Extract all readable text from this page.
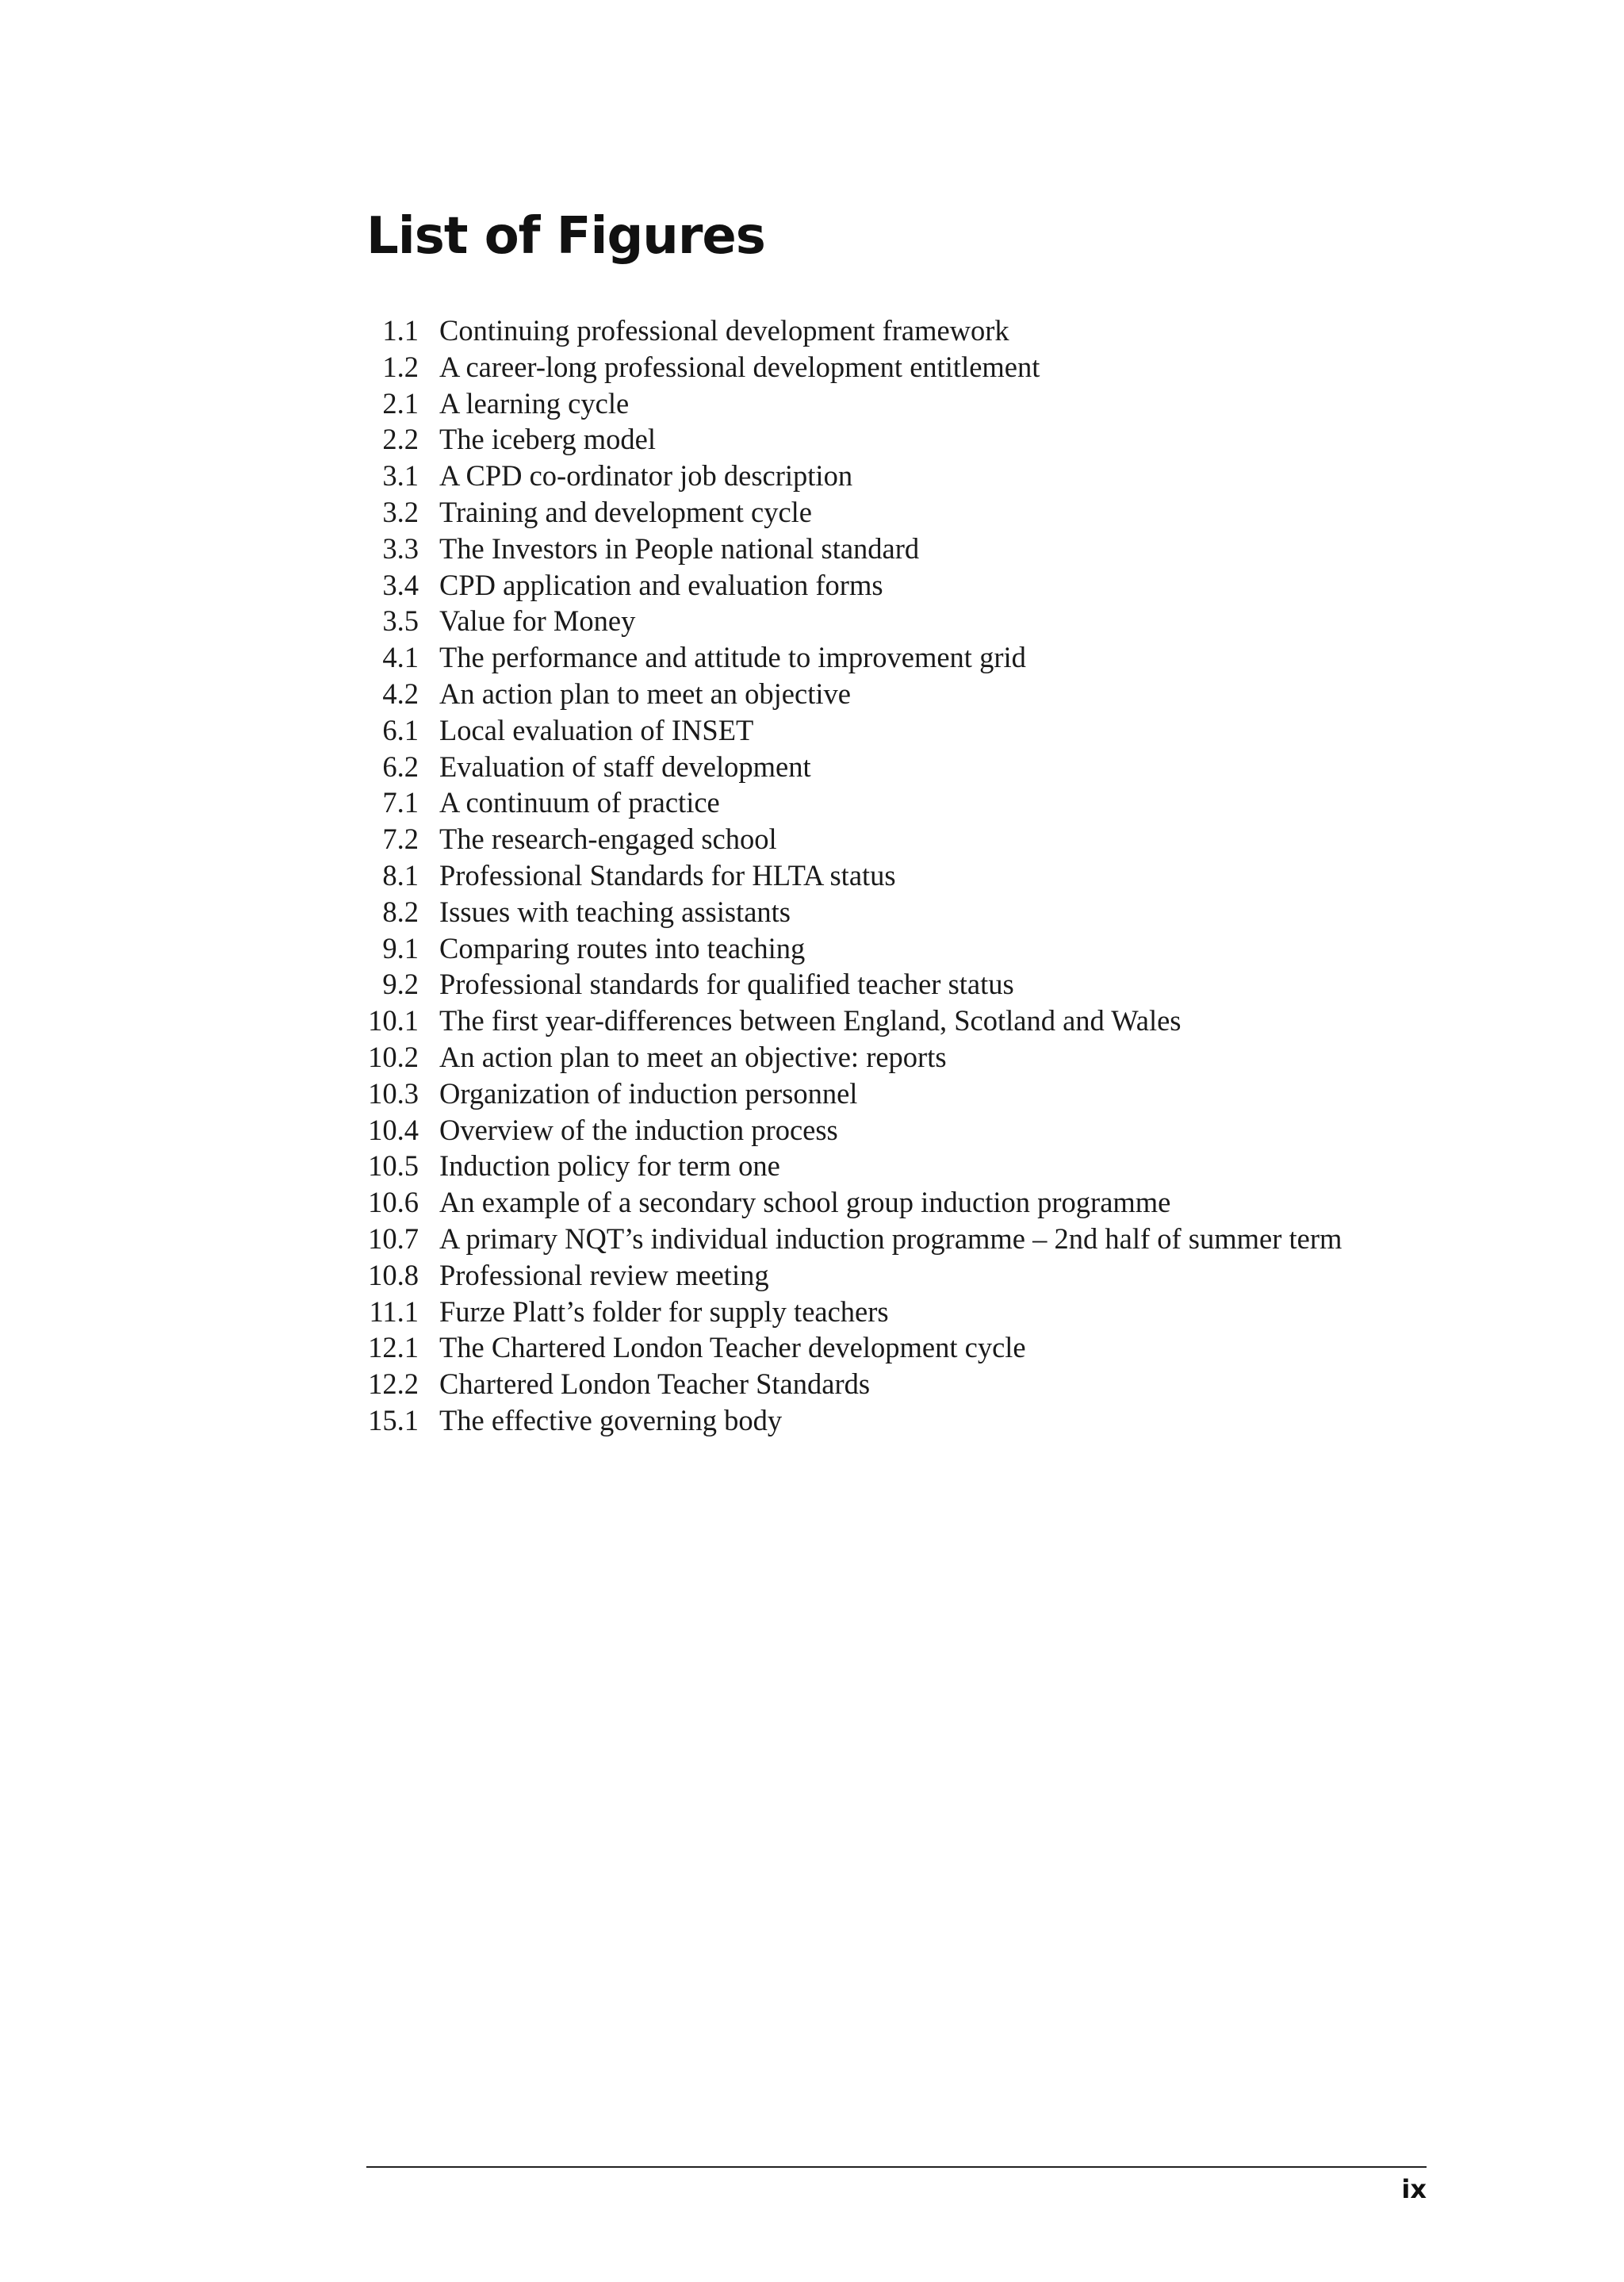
List of Figures
1.1 Continuing professional development framework
1.2 A career-long professional development entitlement
2.1 A learning cycle
2.2 The iceberg model
3.1 A CPD co-ordinator job description
3.2 Training and development cycle
3.3 The Investors in People national standard
3.4 CPD application and evaluation forms
3.5 Value for Money
4.1 The performance and attitude to improvement grid
4.2 An action plan to meet an objective
6.1 Local evaluation of INSET
6.2 Evaluation of staff development
7.1 A continuum of practice
7.2 The research-engaged school
8.1 Professional Standards for HLTA status
8.2 Issues with teaching assistants
9.1 Comparing routes into teaching
9.2 Professional standards for qualified teacher status
10.1 The first year-differences between England, Scotland and Wales
10.2 An action plan to meet an objective: reports
10.3 Organization of induction personnel
10.4 Overview of the induction process
10.5 Induction policy for term one
10.6 An example of a secondary school group induction programme
10.7 A primary NQT’s individual induction programme – 2nd half of summer term
10.8 Professional review meeting
11.1 Furze Platt’s folder for supply teachers
12.1 The Chartered London Teacher development cycle
12.2 Chartered London Teacher Standards
15.1 The effective governing body
ix
